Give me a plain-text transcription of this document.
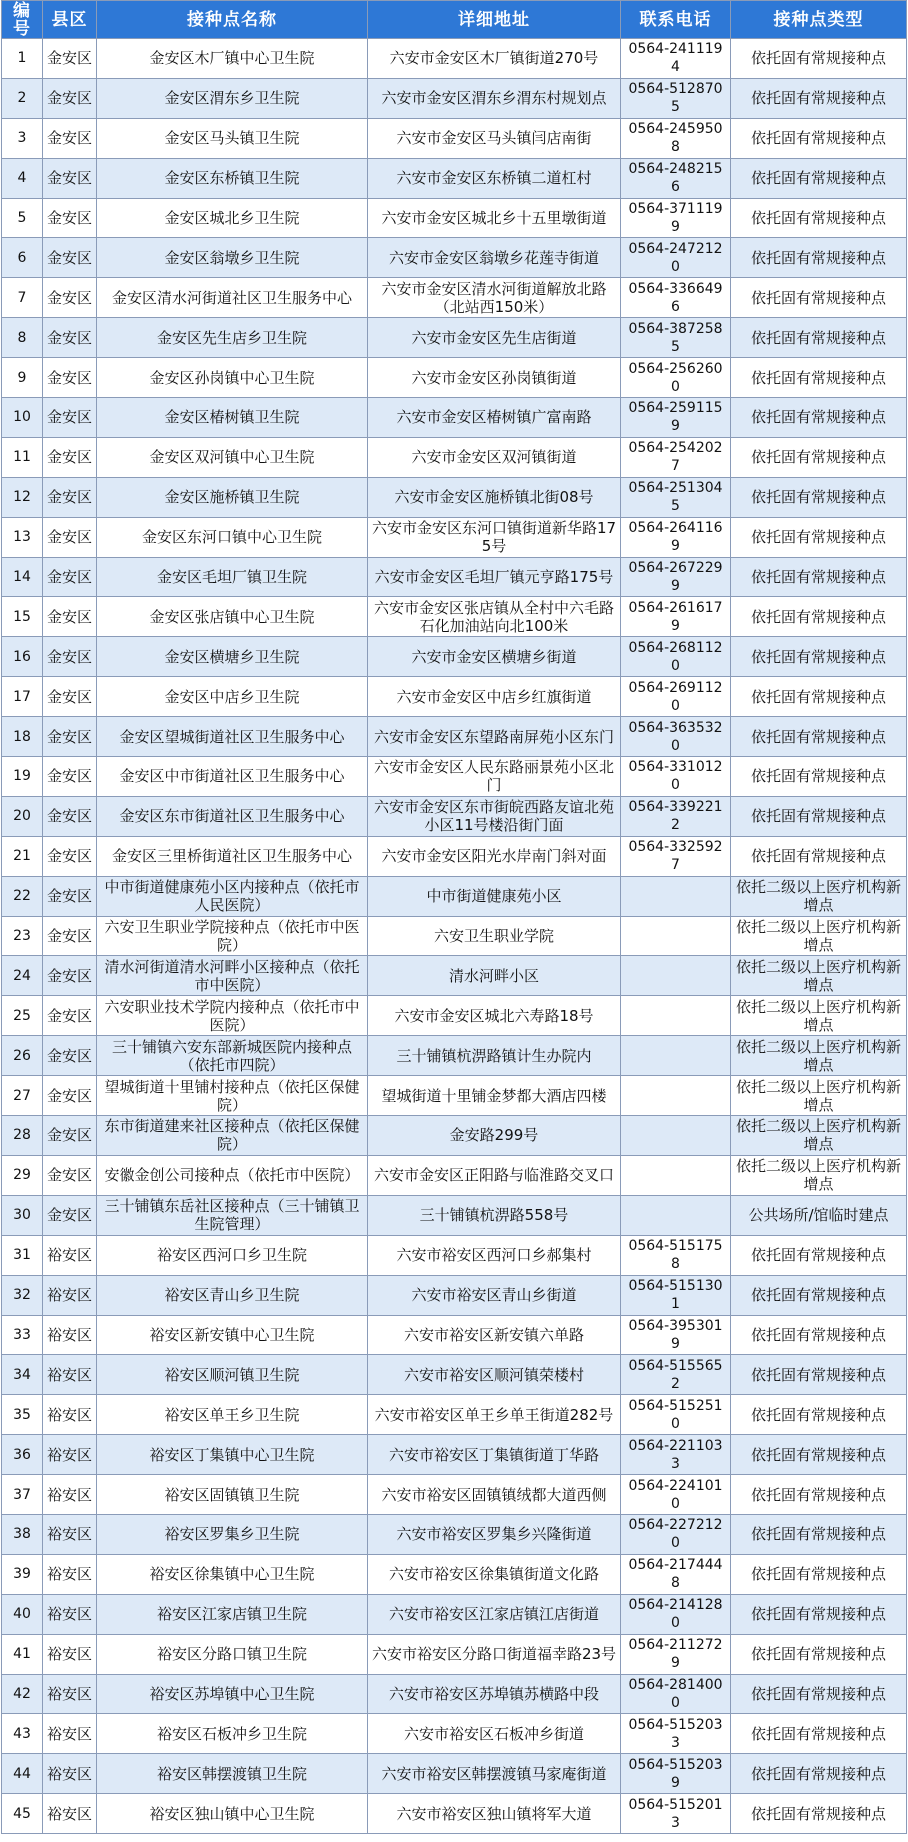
编号	县区	接种点名称	详细地址	联系电话	接种点类型
1	金安区	金安区木厂镇中心卫生院	六安市金安区木厂镇街道270号	0564-2411194	依托固有常规接种点
2	金安区	金安区渭东乡卫生院	六安市金安区渭东乡渭东村规划点	0564-5128705	依托固有常规接种点
3	金安区	金安区马头镇卫生院	六安市金安区马头镇闫店南街	0564-2459508	依托固有常规接种点
4	金安区	金安区东桥镇卫生院	六安市金安区东桥镇二道杠村	0564-2482156	依托固有常规接种点
5	金安区	金安区城北乡卫生院	六安市金安区城北乡十五里墩街道	0564-3711199	依托固有常规接种点
6	金安区	金安区翁墩乡卫生院	六安市金安区翁墩乡花莲寺街道	0564-2472120	依托固有常规接种点
7	金安区	金安区清水河街道社区卫生服务中心	六安市金安区清水河街道解放北路（北站西150米）	0564-3366496	依托固有常规接种点
8	金安区	金安区先生店乡卫生院	六安市金安区先生店街道	0564-3872585	依托固有常规接种点
9	金安区	金安区孙岗镇中心卫生院	六安市金安区孙岗镇街道	0564-2562600	依托固有常规接种点
10	金安区	金安区椿树镇卫生院	六安市金安区椿树镇广富南路	0564-2591159	依托固有常规接种点
11	金安区	金安区双河镇中心卫生院	六安市金安区双河镇街道	0564-2542027	依托固有常规接种点
12	金安区	金安区施桥镇卫生院	六安市金安区施桥镇北街08号	0564-2513045	依托固有常规接种点
13	金安区	金安区东河口镇中心卫生院	六安市金安区东河口镇街道新华路175号	0564-2641169	依托固有常规接种点
14	金安区	金安区毛坦厂镇卫生院	六安市金安区毛坦厂镇元亨路175号	0564-2672299	依托固有常规接种点
15	金安区	金安区张店镇中心卫生院	六安市金安区张店镇从全村中六毛路石化加油站向北100米	0564-2616179	依托固有常规接种点
16	金安区	金安区横塘乡卫生院	六安市金安区横塘乡街道	0564-2681120	依托固有常规接种点
17	金安区	金安区中店乡卫生院	六安市金安区中店乡红旗街道	0564-2691120	依托固有常规接种点
18	金安区	金安区望城街道社区卫生服务中心	六安市金安区东望路南屏苑小区东门	0564-3635320	依托固有常规接种点
19	金安区	金安区中市街道社区卫生服务中心	六安市金安区人民东路丽景苑小区北门	0564-3310120	依托固有常规接种点
20	金安区	金安区东市街道社区卫生服务中心	六安市金安区东市街皖西路友谊北苑小区11号楼沿街门面	0564-3392212	依托固有常规接种点
21	金安区	金安区三里桥街道社区卫生服务中心	六安市金安区阳光水岸南门斜对面	0564-3325927	依托固有常规接种点
22	金安区	中市街道健康苑小区内接种点（依托市人民医院）	中市街道健康苑小区		依托二级以上医疗机构新增点
23	金安区	六安卫生职业学院接种点（依托市中医院）	六安卫生职业学院		依托二级以上医疗机构新增点
24	金安区	清水河街道清水河畔小区接种点（依托市中医院）	清水河畔小区		依托二级以上医疗机构新增点
25	金安区	六安职业技术学院内接种点（依托市中医院）	六安市金安区城北六寿路18号		依托二级以上医疗机构新增点
26	金安区	三十铺镇六安东部新城医院内接种点（依托市四院）	三十铺镇杭淠路镇计生办院内		依托二级以上医疗机构新增点
27	金安区	望城街道十里铺村接种点（依托区保健院）	望城街道十里铺金梦都大酒店四楼		依托二级以上医疗机构新增点
28	金安区	东市街道建来社区接种点（依托区保健院）	金安路299号		依托二级以上医疗机构新增点
29	金安区	安徽金创公司接种点（依托市中医院）	六安市金安区正阳路与临淮路交叉口		依托二级以上医疗机构新增点
30	金安区	三十铺镇东岳社区接种点（三十铺镇卫生院管理）	三十铺镇杭淠路558号		公共场所/馆临时建点
31	裕安区	裕安区西河口乡卫生院	六安市裕安区西河口乡郝集村	0564-5151758	依托固有常规接种点
32	裕安区	裕安区青山乡卫生院	六安市裕安区青山乡街道	0564-5151301	依托固有常规接种点
33	裕安区	裕安区新安镇中心卫生院	六安市裕安区新安镇六单路	0564-3953019	依托固有常规接种点
34	裕安区	裕安区顺河镇卫生院	六安市裕安区顺河镇荣楼村	0564-5155652	依托固有常规接种点
35	裕安区	裕安区单王乡卫生院	六安市裕安区单王乡单王街道282号	0564-5152510	依托固有常规接种点
36	裕安区	裕安区丁集镇中心卫生院	六安市裕安区丁集镇街道丁华路	0564-2211033	依托固有常规接种点
37	裕安区	裕安区固镇镇卫生院	六安市裕安区固镇镇绒都大道西侧	0564-2241010	依托固有常规接种点
38	裕安区	裕安区罗集乡卫生院	六安市裕安区罗集乡兴隆街道	0564-2272120	依托固有常规接种点
39	裕安区	裕安区徐集镇中心卫生院	六安市裕安区徐集镇街道文化路	0564-2174448	依托固有常规接种点
40	裕安区	裕安区江家店镇卫生院	六安市裕安区江家店镇江店街道	0564-2141280	依托固有常规接种点
41	裕安区	裕安区分路口镇卫生院	六安市裕安区分路口街道福幸路23号	0564-2112729	依托固有常规接种点
42	裕安区	裕安区苏埠镇中心卫生院	六安市裕安区苏埠镇苏横路中段	0564-2814000	依托固有常规接种点
43	裕安区	裕安区石板冲乡卫生院	六安市裕安区石板冲乡街道	0564-5152033	依托固有常规接种点
44	裕安区	裕安区韩摆渡镇卫生院	六安市裕安区韩摆渡镇马家庵街道	0564-5152039	依托固有常规接种点
45	裕安区	裕安区独山镇中心卫生院	六安市裕安区独山镇将军大道	0564-5152013	依托固有常规接种点
